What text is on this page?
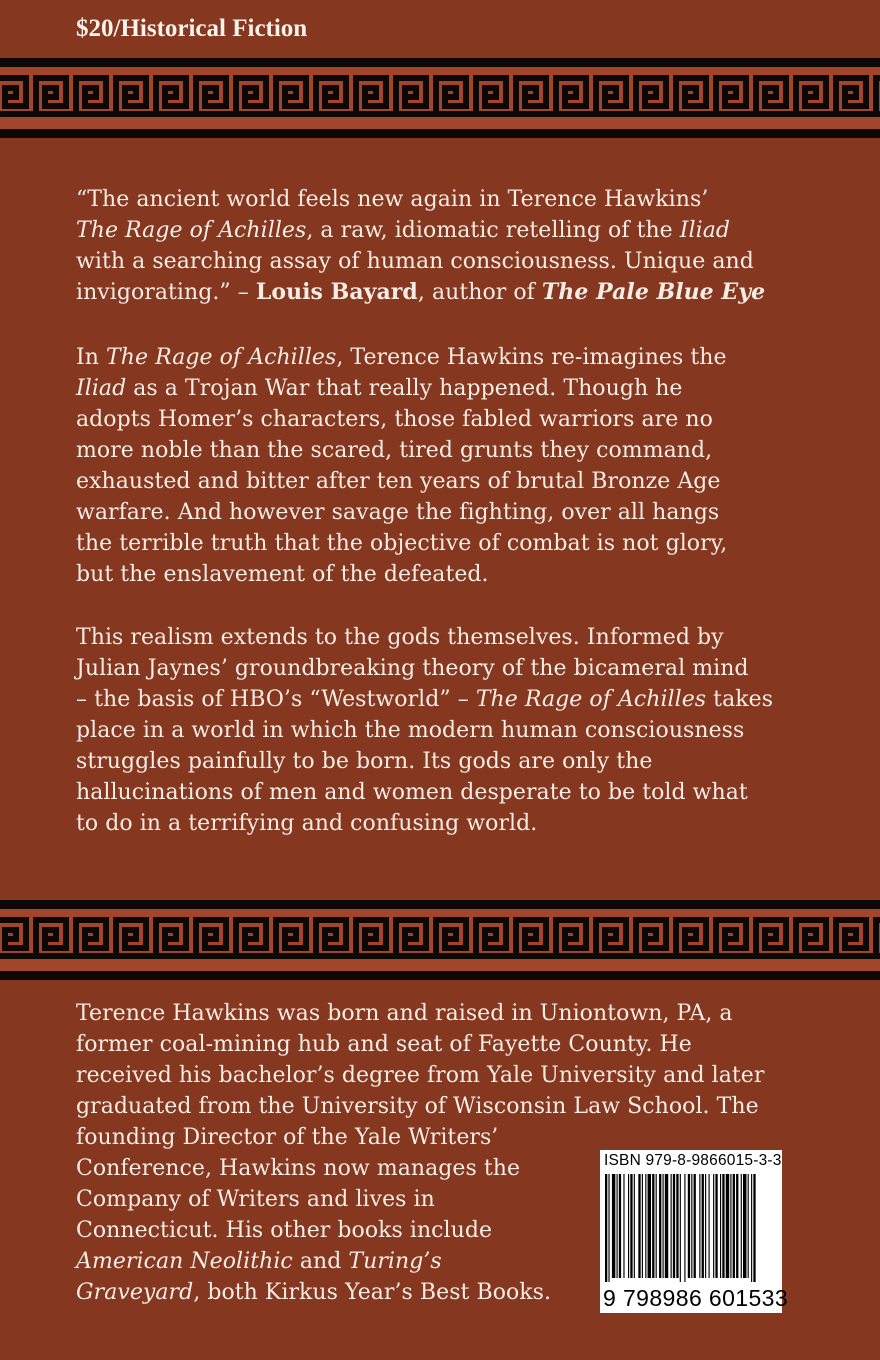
$20/Historical Fiction
“The ancient world feels new again in Terence Hawkins’
The Rage of Achilles, a raw, idiomatic retelling of the Iliad
with a searching assay of human consciousness. Unique and
invigorating.” – Louis Bayard, author of The Pale Blue Eye
In The Rage of Achilles, Terence Hawkins re-imagines the
Iliad as a Trojan War that really happened. Though he
adopts Homer’s characters, those fabled warriors are no
more noble than the scared, tired grunts they command,
exhausted and bitter after ten years of brutal Bronze Age
warfare. And however savage the fighting, over all hangs
the terrible truth that the objective of combat is not glory,
but the enslavement of the defeated.
This realism extends to the gods themselves. Informed by
Julian Jaynes’ groundbreaking theory of the bicameral mind
– the basis of HBO’s “Westworld” – The Rage of Achilles takes
place in a world in which the modern human consciousness
struggles painfully to be born. Its gods are only the
hallucinations of men and women desperate to be told what
to do in a terrifying and confusing world.
Terence Hawkins was born and raised in Uniontown, PA, a
former coal-mining hub and seat of Fayette County. He
received his bachelor’s degree from Yale University and later
graduated from the University of Wisconsin Law School. The
founding Director of the Yale Writers’
Conference, Hawkins now manages the
Company of Writers and lives in
Connecticut. His other books include
American Neolithic and Turing’s
Graveyard, both Kirkus Year’s Best Books.
ISBN 979-8-9866015-3-3
9 798986 601533
